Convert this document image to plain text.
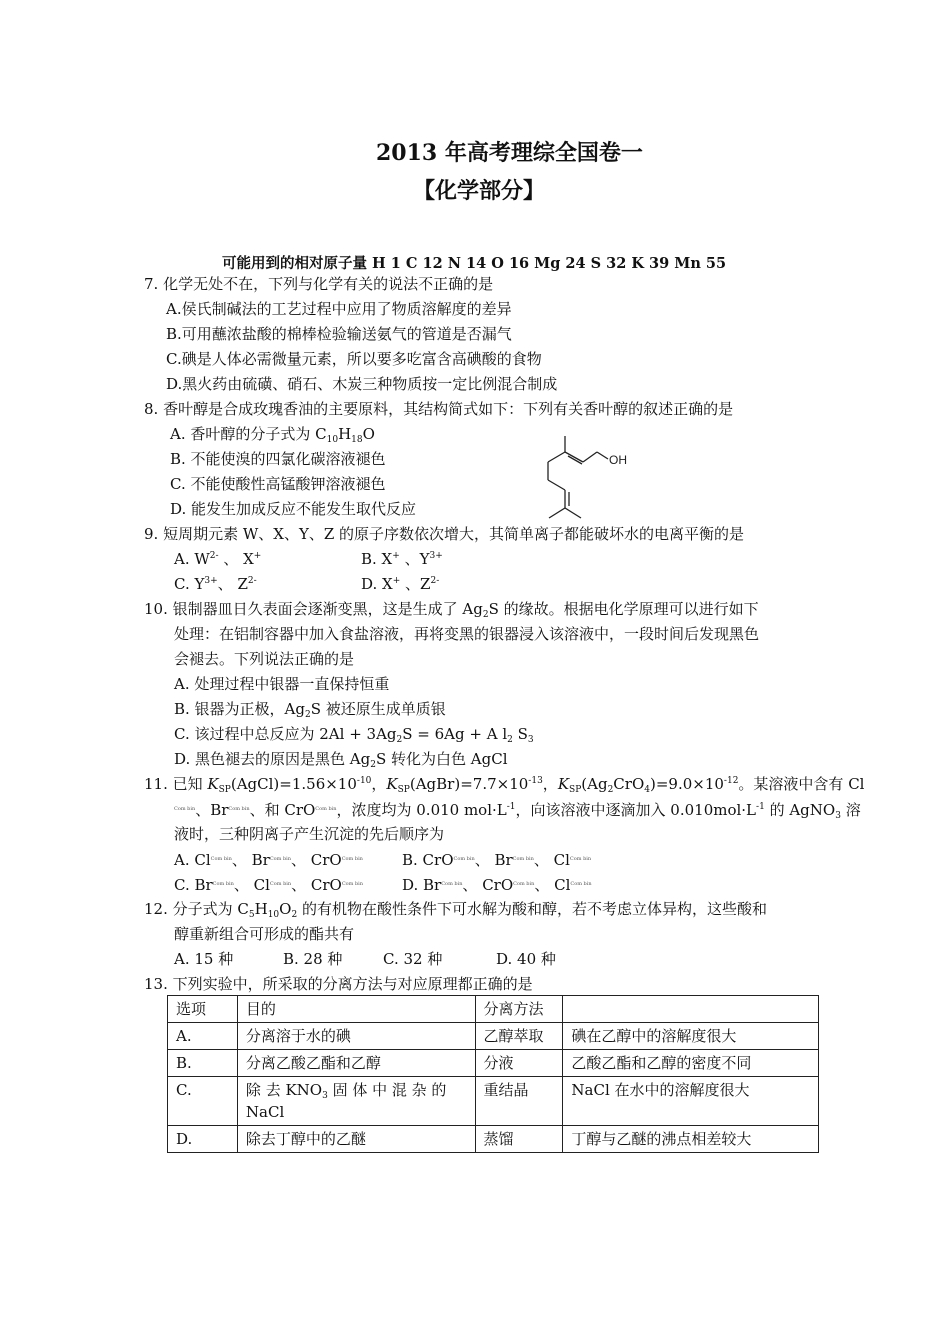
2013 年高考理综全国卷一
【化学部分】
可能用到的相对原子量 H 1 C 12 N 14 O 16 Mg 24 S 32 K 39 Mn 55
7. 化学无处不在，下列与化学有关的说法不正确的是
A.侯氏制碱法的工艺过程中应用了物质溶解度的差异
B.可用蘸浓盐酸的棉棒检验输送氨气的管道是否漏气
C.碘是人体必需微量元素，所以要多吃富含高碘酸的食物
D.黑火药由硫磺、硝石、木炭三种物质按一定比例混合制成
8. 香叶醇是合成玫瑰香油的主要原料，其结构简式如下：下列有关香叶醇的叙述正确的是
A. 香叶醇的分子式为 $C_{10}H_{18}O$
B. 不能使溴的四氯化碳溶液褪色
C. 不能使酸性高锰酸钾溶液褪色
D. 能发生加成反应不能发生取代反应
OH
9. 短周期元素 W、X、Y、Z 的原子序数依次增大，其简单离子都能破坏水的电离平衡的是
A. $W^{2-}$ 、 X+	B. X+ 、$Y^{3+}$
C. $Y^{3+}$、 $Z^{2-}$	D. X+ 、$Z^{2-}$
10. 银制器皿日久表面会逐渐变黑，这是生成了 $Ag_2S$ 的缘故。根据电化学原理可以进行如下
处理：在铝制容器中加入食盐溶液，再将变黑的银器浸入该溶液中，一段时间后发现黑色
会褪去。下列说法正确的是
A. 处理过程中银器一直保持恒重
B. 银器为正极，$Ag_2S$ 被还原生成单质银
C. 该过程中总反应为 $2Al + 3Ag_2S = 6Ag + A$ $l_2$ $S_3$
D. 黑色褪去的原因是黑色 $Ag_2S$ 转化为白色 AgCl
11. 已知 $K_{SP}(AgCl)=1.56\times 10^{-10}$，$K_{SP}(AgBr)=7.7\times 10^{-13}$，$K_{SP}(Ag_2CrO_4)=9.0\times 10^{-12}$。某溶液中含有 Cl
$^{Com bin}$、$Br^{Com bin}$、和 CrO$^{Com bin}$，浓度均为 0.010 $mol\cdot L^{-1}$，向该溶液中逐滴加入 $0.010mol\cdot L^{-1}$ 的 AgNO$_3$ 溶
液时，三种阴离子产生沉淀的先后顺序为
A. $Cl^{Com bin}$、 $Br^{Com bin}$、 CrO$^{Com bin}$	B. CrO$^{Com bin}$、 $Br^{Com bin}$、 $Cl^{Com bin}$
C. $Br^{Com bin}$、 $Cl^{Com bin}$、 CrO$^{Com bin}$	D. $Br^{Com bin}$、 CrO$^{Com bin}$、 $Cl^{Com bin}$
12. 分子式为 $C_5H_{10}O_2$ 的有机物在酸性条件下可水解为酸和醇，若不考虑立体异构，这些酸和
醇重新组合可形成的酯共有
A. 15 种	B. 28 种	C. 32 种	D. 40 种
13. 下列实验中，所采取的分离方法与对应原理都正确的是
选项	目的	分离方法	
A.	分离溶于水的碘	乙醇萃取	碘在乙醇中的溶解度很大
B.	分离乙酸乙酯和乙醇	分液	乙酸乙酯和乙醇的密度不同
C.	除 去 $KNO_3$ 固 体 中 混 杂 的
NaCl	重结晶	NaCl 在水中的溶解度很大
D.	除去丁醇中的乙醚	蒸馏	丁醇与乙醚的沸点相差较大
